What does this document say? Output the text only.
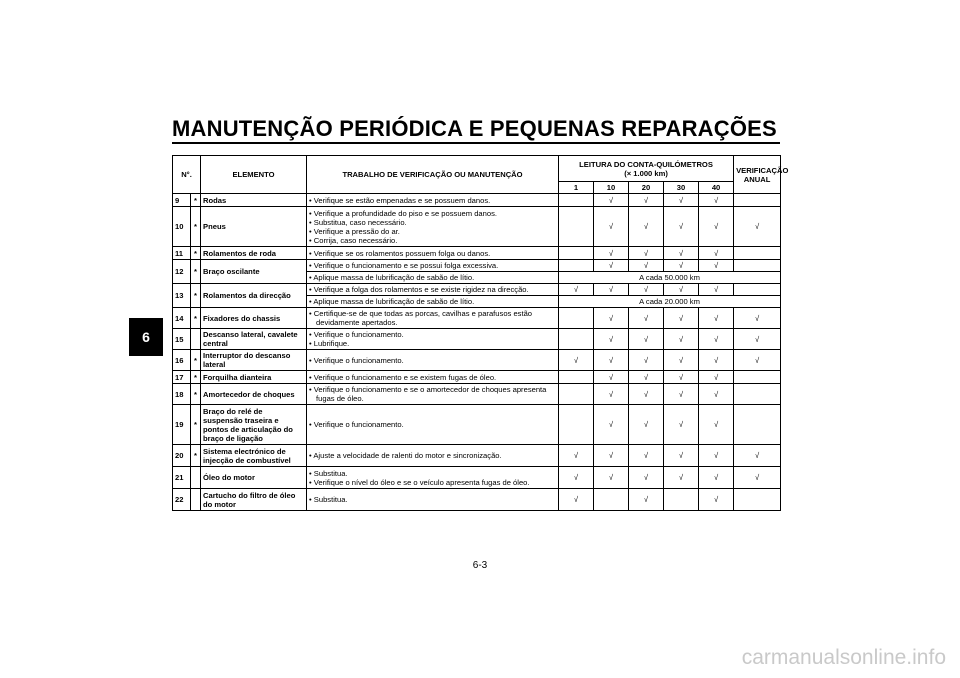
MANUTENÇÃO PERIÓDICA E PEQUENAS REPARAÇÕES
6
N°.		ELEMENTO	TRABALHO DE VERIFICAÇÃO OU MANUTENÇÃO	LEITURA DO CONTA-QUILÓMETROS
(× 1.000 km)					VERIFICAÇÃO
ANUAL
				1	10	20	30	40	
9	*	Rodas	• Verifique se estão empenadas e se possuem danos.		√	√	√	√	
10	*	Pneus	• Verifique a profundidade do piso e se possuem danos.
• Substitua, caso necessário.
• Verifique a pressão do ar.
• Corrija, caso necessário.		√	√	√	√	√
11	*	Rolamentos de roda	• Verifique se os rolamentos possuem folga ou danos.		√	√	√	√	
12	*	Braço oscilante	• Verifique o funcionamento e se possui folga excessiva.		√	√	√	√	

			• Aplique massa de lubrificação de sabão de lítio.	A cada 50.000 km					
13	*	Rolamentos da direcção	• Verifique a folga dos rolamentos e se existe rigidez na direcção.	√	√	√	√	√	

			• Aplique massa de lubrificação de sabão de lítio.	A cada 20.000 km					
14	*	Fixadores do chassis	• Certifique-se de que todas as porcas, cavilhas e parafusos estão devidamente apertados.		√	√	√	√	√
15		Descanso lateral, cavalete central	• Verifique o funcionamento.
• Lubrifique.		√	√	√	√	√
16	*	Interruptor do descanso lateral	• Verifique o funcionamento.	√	√	√	√	√	√
17	*	Forquilha dianteira	• Verifique o funcionamento e se existem fugas de óleo.		√	√	√	√	
18	*	Amortecedor de choques	• Verifique o funcionamento e se o amortecedor de choques apresenta fugas de óleo.		√	√	√	√	
19	*	Braço do relé de suspensão traseira e pontos de articulação do braço de ligação	• Verifique o funcionamento.		√	√	√	√	
20	*	Sistema electrónico de injecção de combustível	• Ajuste a velocidade de ralenti do motor e sincronização.	√	√	√	√	√	√
21		Óleo do motor	• Substitua.
• Verifique o nível do óleo e se o veículo apresenta fugas de óleo.	√	√	√	√	√	√
22		Cartucho do filtro de óleo do motor	• Substitua.	√		√		√	
6-3
carmanualsonline.info
